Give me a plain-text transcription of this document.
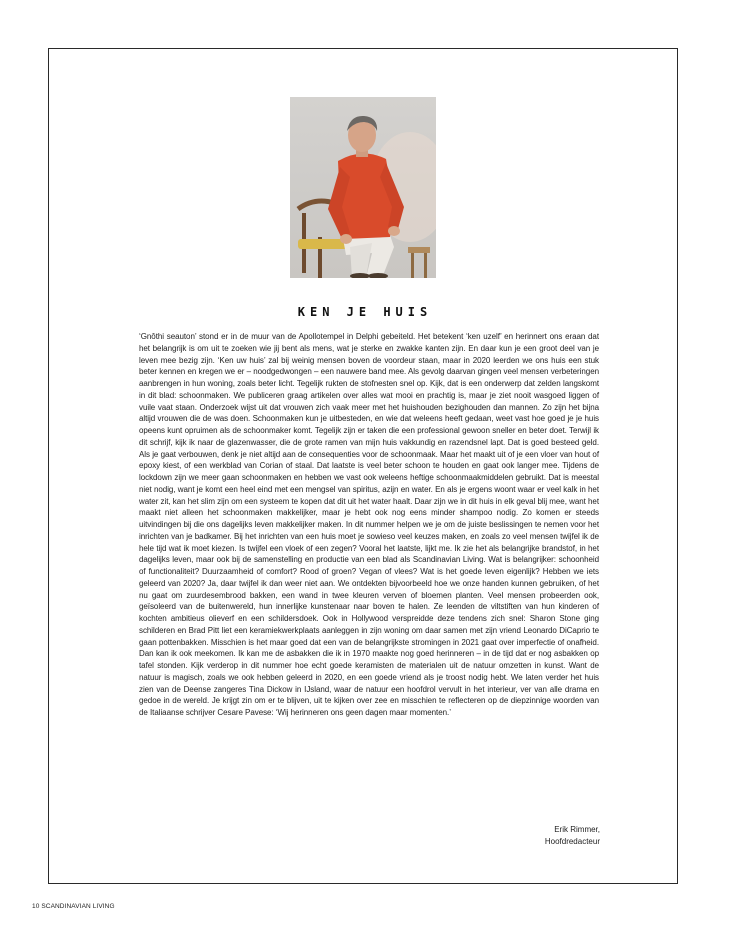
KEN JE HUIS
‘Gnôthi seauton’ stond er in de muur van de Apollotempel in Delphi gebeiteld. Het betekent ‘ken uzelf’ en herinnert ons eraan dat het belangrijk is om uit te zoeken wie jij bent als mens, wat je sterke en zwakke kanten zijn. En daar kun je een groot deel van je leven mee bezig zijn. ‘Ken uw huis’ zal bij weinig mensen boven de voordeur staan, maar in 2020 leerden we ons huis een stuk beter kennen en kregen we er – noodgedwongen – een nauwere band mee. Als gevolg daarvan gingen veel mensen verbeteringen aanbrengen in hun woning, zoals beter licht. Tegelijk rukten de stofnesten snel op. Kijk, dat is een onderwerp dat zelden langskomt in dit blad: schoonmaken. We publiceren graag artikelen over alles wat mooi en prachtig is, maar je ziet nooit wasgoed liggen of vuile vaat staan. Onderzoek wijst uit dat vrouwen zich vaak meer met het huishouden bezighouden dan mannen. Zo zijn het bijna altijd vrouwen die de was doen. Schoonmaken kun je uitbesteden, en wie dat weleens heeft gedaan, weet vast hoe goed je je huis opeens kunt opruimen als de schoonmaker komt. Tegelijk zijn er taken die een professional gewoon sneller en beter doet. Terwijl ik dit schrijf, kijk ik naar de glazenwasser, die de grote ramen van mijn huis vakkundig en razendsnel lapt. Dat is goed besteed geld. Als je gaat verbouwen, denk je niet altijd aan de consequenties voor de schoonmaak. Maar het maakt uit of je een vloer van hout of epoxy kiest, of een werkblad van Corian of staal. Dat laatste is veel beter schoon te houden en gaat ook langer mee. Tijdens de lockdown zijn we meer gaan schoonmaken en hebben we vast ook weleens heftige schoonmaakmiddelen gebruikt. Dat is meestal niet nodig, want je komt een heel eind met een mengsel van spiritus, azijn en water. En als je ergens woont waar er veel kalk in het water zit, kan het slim zijn om een systeem te kopen dat dit uit het water haalt. Daar zijn we in dit huis in elk geval blij mee, want het maakt niet alleen het schoonmaken makkelijker, maar je hebt ook nog eens minder shampoo nodig. Zo komen er steeds uitvindingen bij die ons dagelijks leven makkelijker maken. In dit nummer helpen we je om de juiste beslissingen te nemen voor het inrichten van je badkamer. Bij het inrichten van een huis moet je sowieso veel keuzes maken, en zoals zo veel mensen twijfel ik de hele tijd wat ik moet kiezen. Is twijfel een vloek of een zegen? Vooral het laatste, lijkt me. Ik zie het als belangrijke brandstof, in het dagelijks leven, maar ook bij de samenstelling en productie van een blad als Scandinavian Living. Wat is belangrijker: schoonheid of functionaliteit? Duurzaamheid of comfort? Rood of groen? Vegan of vlees? Wat is het goede leven eigenlijk? Hebben we iets geleerd van 2020? Ja, daar twijfel ik dan weer niet aan. We ontdekten bijvoorbeeld hoe we onze handen kunnen gebruiken, of het nu gaat om zuurdesembrood bakken, een wand in twee kleuren verven of bloemen planten. Veel mensen probeerden ook, geïsoleerd van de buitenwereld, hun innerlijke kunstenaar naar boven te halen. Ze leenden de viltstiften van hun kinderen of kochten ambitieus olieverf en een schildersdoek. Ook in Hollywood verspreidde deze tendens zich snel: Sharon Stone ging schilderen en Brad Pitt liet een keramiekwerkplaats aanleggen in zijn woning om daar samen met zijn vriend Leonardo DiCaprio te gaan pottenbakken. Misschien is het maar goed dat een van de belangrijkste stromingen in 2021 gaat over imperfectie of onafheid. Dan kan ik ook meekomen. Ik kan me de asbakken die ik in 1970 maakte nog goed herinneren – in de tijd dat er nog asbakken op tafel stonden. Kijk verderop in dit nummer hoe echt goede keramisten de materialen uit de natuur omzetten in kunst. Want de natuur is magisch, zoals we ook hebben geleerd in 2020, en een goede vriend als je troost nodig hebt. We laten verder het huis zien van de Deense zangeres Tina Dickow in IJsland, waar de natuur een hoofdrol vervult in het interieur, ver van alle drama en gedoe in de wereld. Je krijgt zin om er te blijven, uit te kijken over zee en misschien te reflecteren op de diepzinnige woorden van de Italiaanse schrijver Cesare Pavese: ‘Wij herinneren ons geen dagen maar momenten.’
Erik Rimmer,
Hoofdredacteur
10 SCANDINAVIAN LIVING
